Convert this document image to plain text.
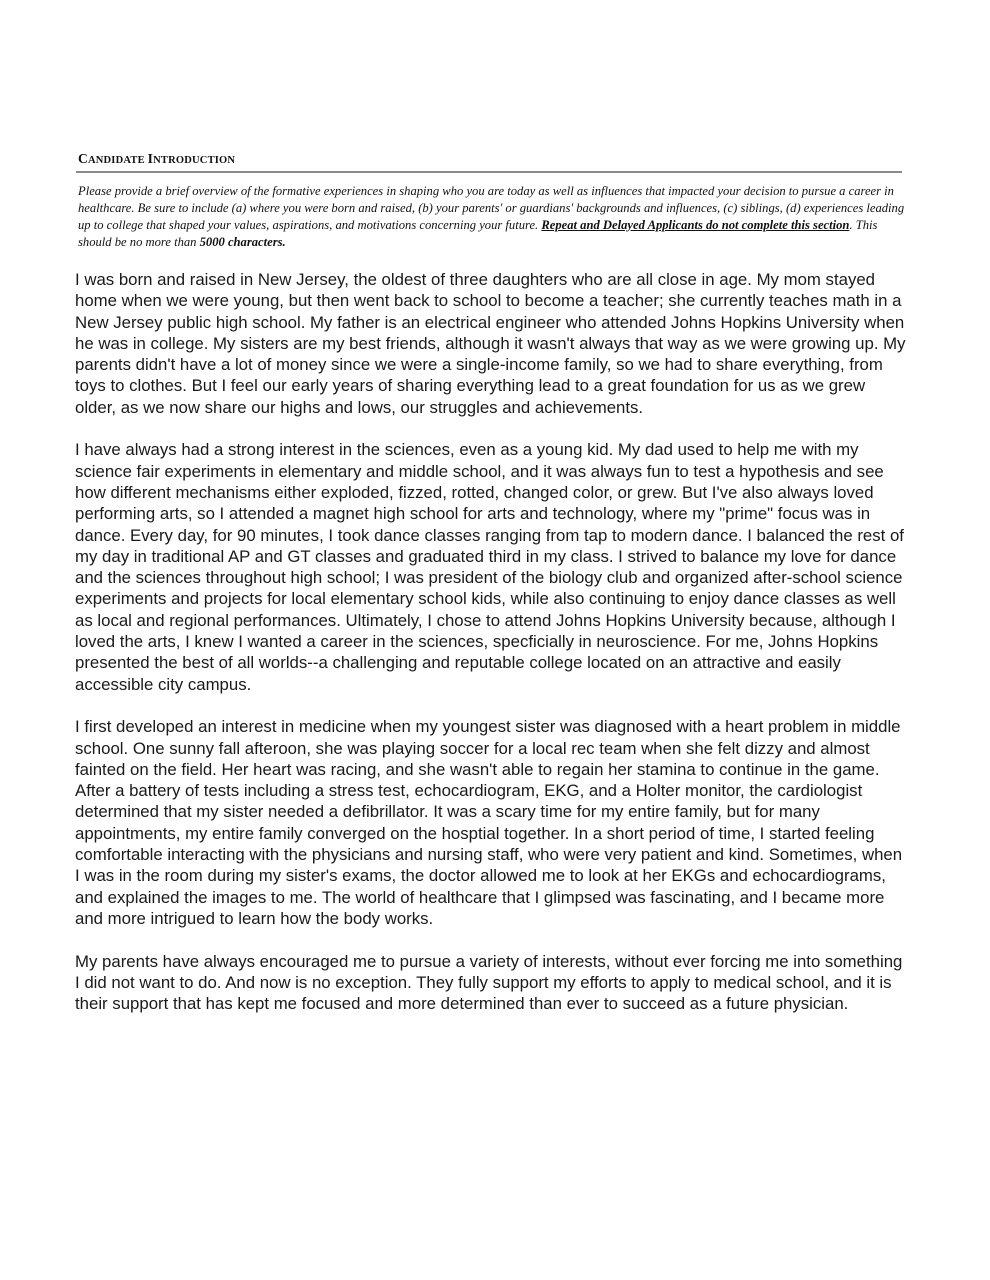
CANDIDATE INTRODUCTION
Please provide a brief overview of the formative experiences in shaping who you are today as well as influences that impacted your decision to pursue a career in healthcare. Be sure to include (a) where you were born and raised, (b) your parents' or guardians' backgrounds and influences, (c) siblings, (d) experiences leading up to college that shaped your values, aspirations, and motivations concerning your future. Repeat and Delayed Applicants do not complete this section. This should be no more than 5000 characters.

I was born and raised in New Jersey, the oldest of three daughters who are all close in age. My mom stayed home when we were young, but then went back to school to become a teacher; she currently teaches math in a New Jersey public high school. My father is an electrical engineer who attended Johns Hopkins University when he was in college. My sisters are my best friends, although it wasn't always that way as we were growing up. My parents didn't have a lot of money since we were a single-income family, so we had to share everything, from toys to clothes. But I feel our early years of sharing everything lead to a great foundation for us as we grew older, as we now share our highs and lows, our struggles and achievements.

I have always had a strong interest in the sciences, even as a young kid. My dad used to help me with my science fair experiments in elementary and middle school, and it was always fun to test a hypothesis and see how different mechanisms either exploded, fizzed, rotted, changed color, or grew. But I've also always loved performing arts, so I attended a magnet high school for arts and technology, where my "prime" focus was in dance. Every day, for 90 minutes, I took dance classes ranging from tap to modern dance. I balanced the rest of my day in traditional AP and GT classes and graduated third in my class. I strived to balance my love for dance and the sciences throughout high school; I was president of the biology club and organized after-school science experiments and projects for local elementary school kids, while also continuing to enjoy dance classes as well as local and regional performances. Ultimately, I chose to attend Johns Hopkins University because, although I loved the arts, I knew I wanted a career in the sciences, specficially in neuroscience. For me, Johns Hopkins presented the best of all worlds--a challenging and reputable college located on an attractive and easily accessible city campus.

I first developed an interest in medicine when my youngest sister was diagnosed with a heart problem in middle school. One sunny fall afteroon, she was playing soccer for a local rec team when she felt dizzy and almost fainted on the field. Her heart was racing, and she wasn't able to regain her stamina to continue in the game. After a battery of tests including a stress test, echocardiogram, EKG, and a Holter monitor, the cardiologist determined that my sister needed a defibrillator. It was a scary time for my entire family, but for many appointments, my entire family converged on the hosptial together. In a short period of time, I started feeling comfortable interacting with the physicians and nursing staff, who were very patient and kind. Sometimes, when I was in the room during my sister's exams, the doctor allowed me to look at her EKGs and echocardiograms, and explained the images to me. The world of healthcare that I glimpsed was fascinating, and I became more and more intrigued to learn how the body works.

My parents have always encouraged me to pursue a variety of interests, without ever forcing me into something I did not want to do. And now is no exception. They fully support my efforts to apply to medical school, and it is their support that has kept me focused and more determined than ever to succeed as a future physician.
